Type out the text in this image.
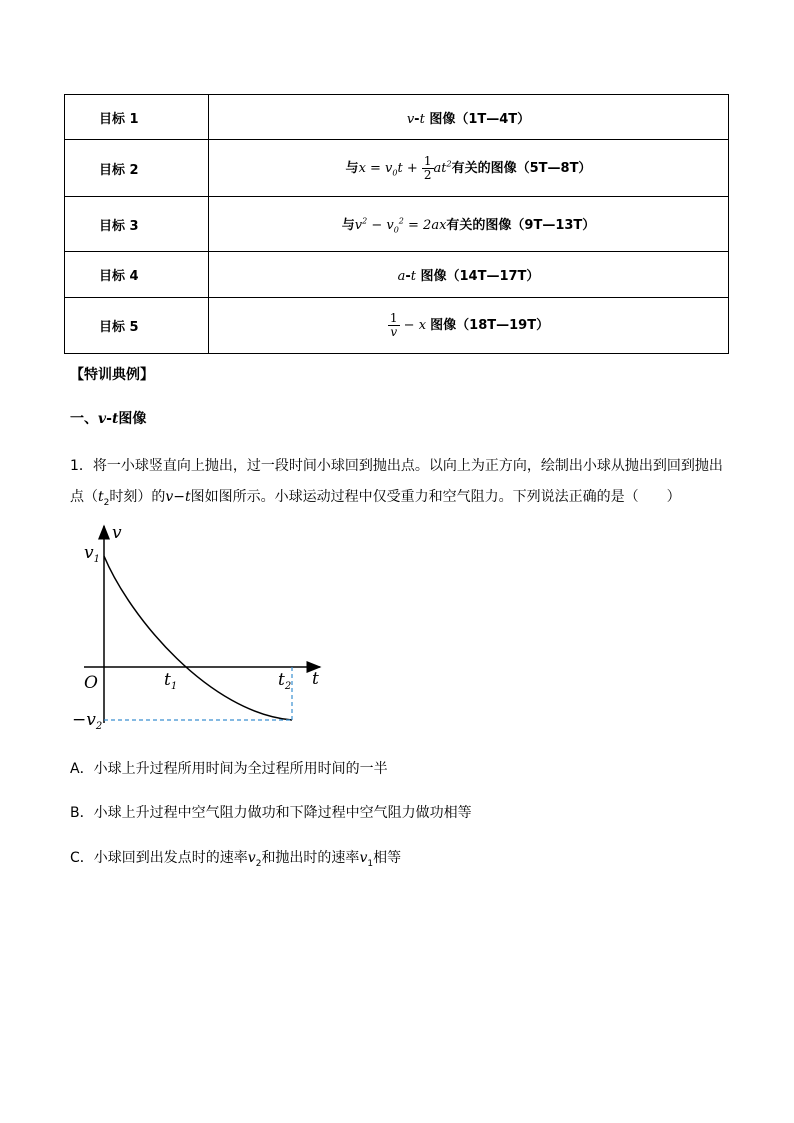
目标 1	v-t 图像（1T—4T）
目标 2	与$x = v_0t + \frac{1}{2} at^2$有关的图像（5T—8T）
目标 3	与$v^2 - v_0^2 = 2ax$有关的图像（9T—13T）
目标 4	a-t 图像（14T—17T）
目标 5	$\frac{1}{v} - x$ 图像（18T—19T）
【特训典例】
一、v-t图像
1．将一小球竖直向上抛出，过一段时间小球回到抛出点。以向上为正方向，绘制出小球从抛出到回到抛出
点（$t_2$时刻）的v−t图如图所示。小球运动过程中仅受重力和空气阻力。下列说法正确的是（　　）
v
t
O
$v_1$
$t_1$	$t_2$
$-v_2$
A．小球上升过程所用时间为全过程所用时间的一半
B．小球上升过程中空气阻力做功和下降过程中空气阻力做功相等
C．小球回到出发点时的速率$v_2$和抛出时的速率$v_1$相等
